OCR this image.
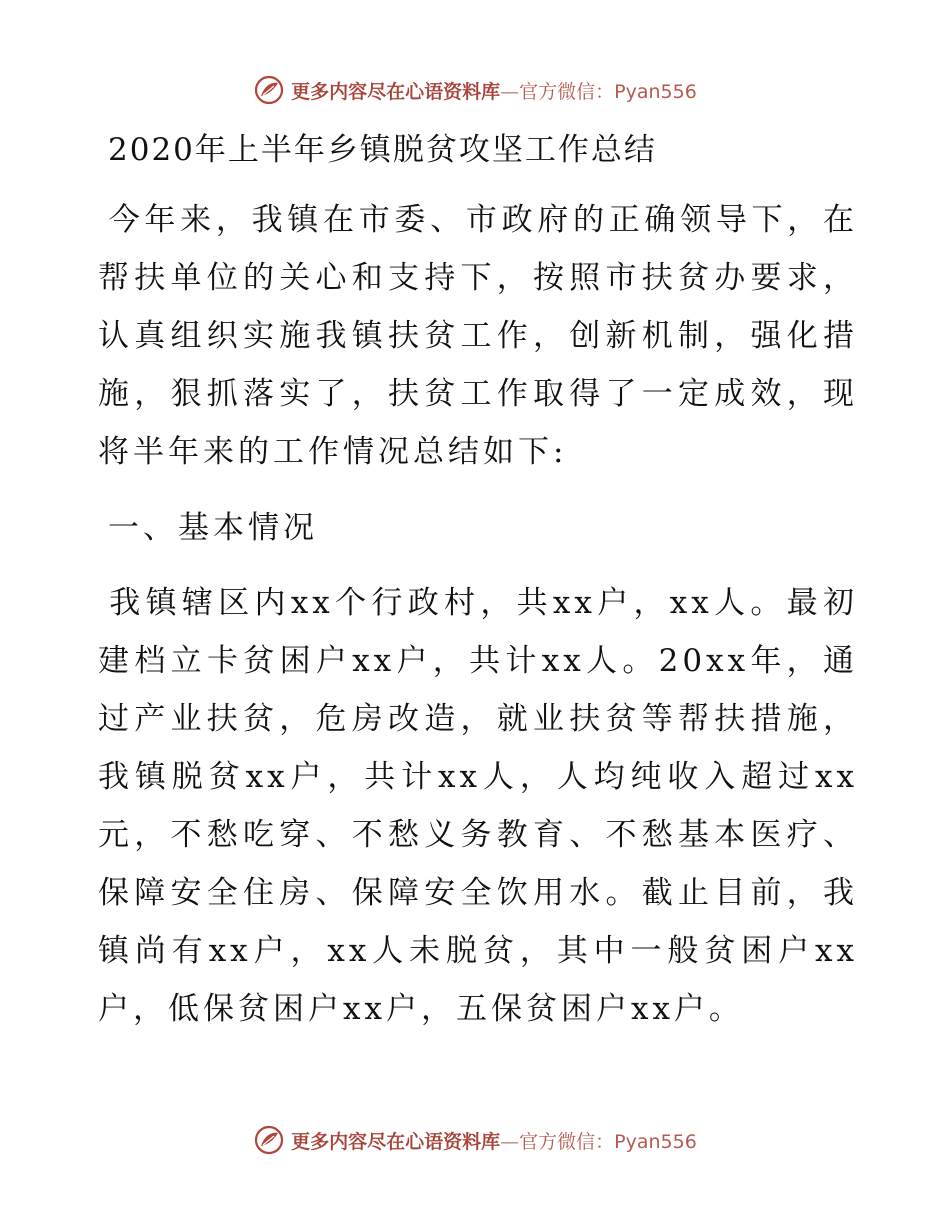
更多内容尽在心语资料库—官方微信：Pyan556
2020年上半年乡镇脱贫攻坚工作总结
今年来，我镇在市委、市政府的正确领导下，在帮扶单位的关心和支持下，按照市扶贫办要求，认真组织实施我镇扶贫工作，创新机制，强化措施，狠抓落实了，扶贫工作取得了一定成效，现将半年来的工作情况总结如下:
一、基本情况
我镇辖区内xx个行政村，共xx户，xx人。最初建档立卡贫困户xx户，共计xx人。20xx年，通过产业扶贫，危房改造，就业扶贫等帮扶措施，我镇脱贫xx户，共计xx人，人均纯收入超过xx元，不愁吃穿、不愁义务教育、不愁基本医疗、保障安全住房、保障安全饮用水。截止目前，我镇尚有xx户，xx人未脱贫，其中一般贫困户xx户，低保贫困户xx户，五保贫困户xx户。
更多内容尽在心语资料库—官方微信：Pyan556
